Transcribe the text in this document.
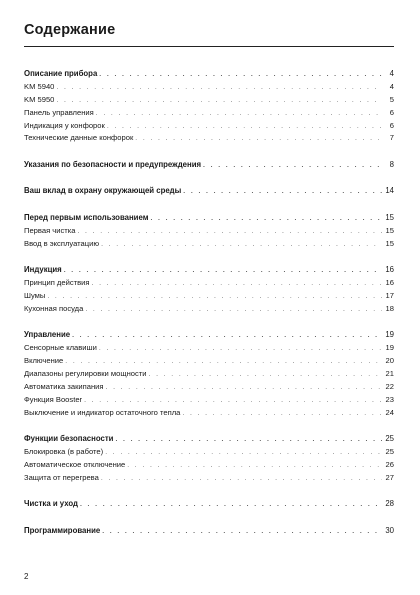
Содержание
Описание прибора . . .	4
KM 5940 . . .	4
KM 5950 . . .	5
Панель управления . . .	6
Индикация у конфорок . . .	6
Технические данные конфорок . . .	7
Указания по безопасности и предупреждения . . .	8
Ваш вклад в охрану окружающей среды . . .	14
Перед первым использованием . . .	15
Первая чистка . . .	15
Ввод в эксплуатацию . . .	15
Индукция . . .	16
Принцип действия . . .	16
Шумы . . .	17
Кухонная посуда . . .	18
Управление . . .	19
Сенсорные клавиши . . .	19
Включение . . .	20
Диапазоны регулировки мощности . . .	21
Автоматика закипания . . .	22
Функция Booster . . .	23
Выключение и индикатор остаточного тепла . . .	24
Функции безопасности . . .	25
Блокировка (в работе) . . .	25
Автоматическое отключение . . .	26
Защита от перегрева . . .	27
Чистка и уход . . .	28
Программирование . . .	30
2
